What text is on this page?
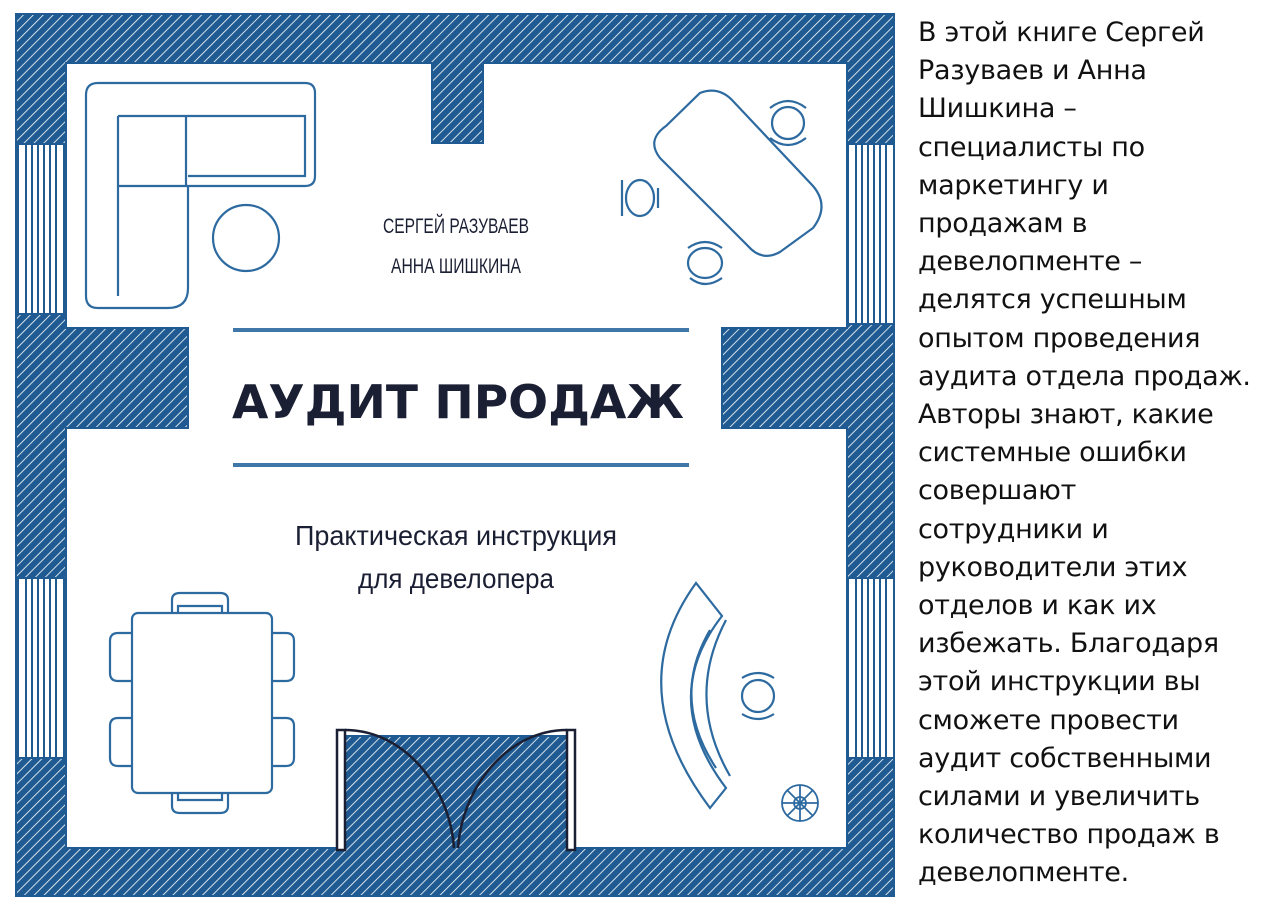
СЕРГЕЙ РАЗУВАЕВ
АННА ШИШКИНА
АУДИТ ПРОДАЖ
Практическая инструкция
для девелопера

В этой книге Сергей
Разуваев и Анна
Шишкина –
специалисты по
маркетингу и
продажам в
девелопменте –
делятся успешным
опытом проведения
аудита отдела продаж.
Авторы знают, какие
системные ошибки
совершают
сотрудники и
руководители этих
отделов и как их
избежать. Благодаря
этой инструкции вы
сможете провести
аудит собственными
силами и увеличить
количество продаж в
девелопменте.
